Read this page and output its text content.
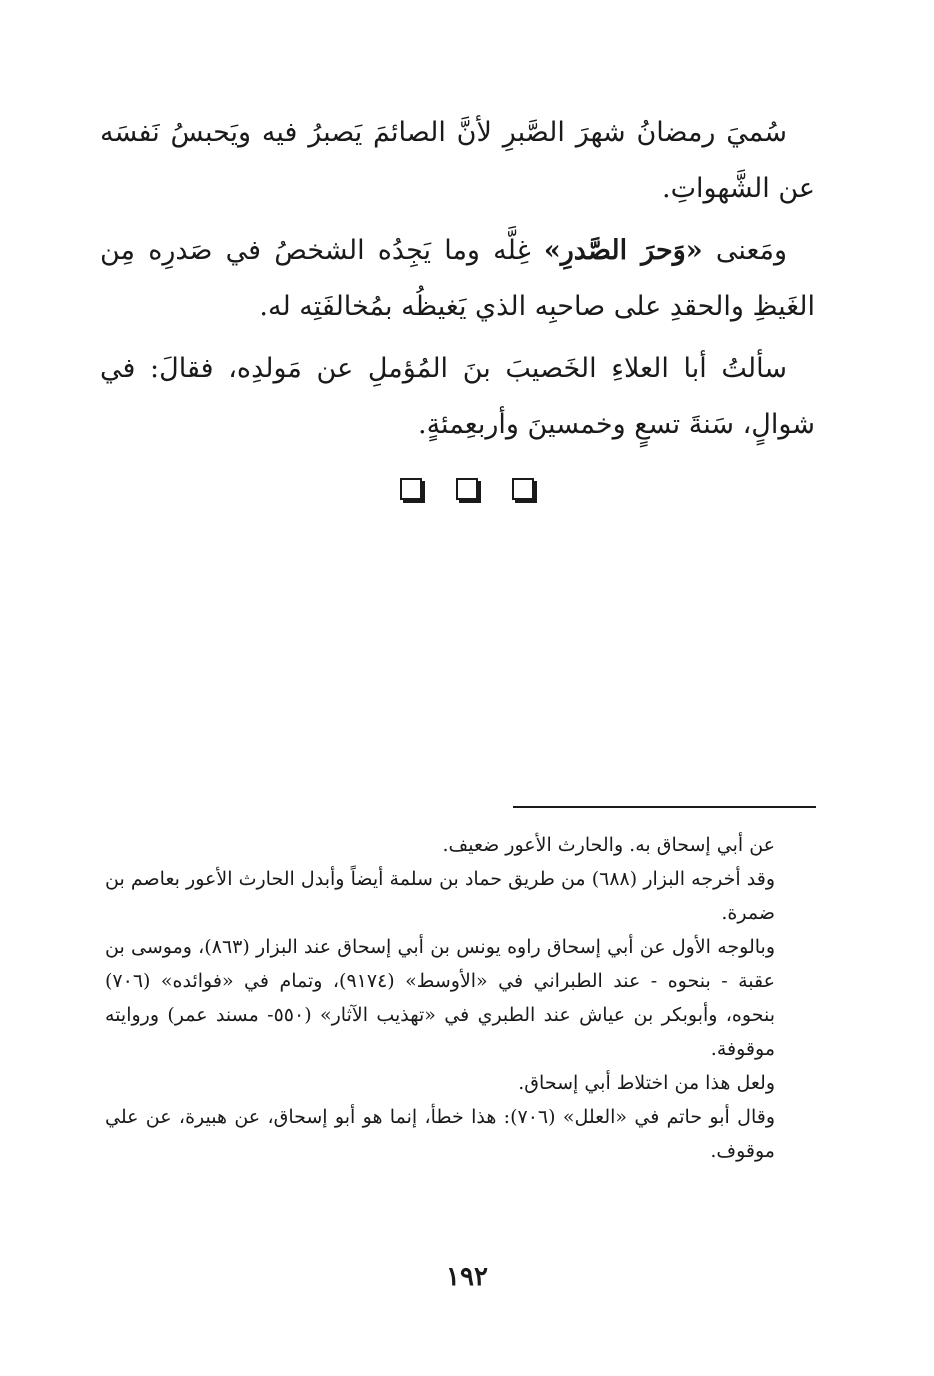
سُميَ رمضانُ شهرَ الصَّبرِ لأنَّ الصائمَ يَصبرُ فيه ويَحبسُ نَفسَه عن الشَّهواتِ.

ومَعنى «وَحرَ الصَّدرِ» غِلَّه وما يَجِدُه الشخصُ في صَدرِه مِن الغَيظِ والحقدِ على صاحبِه الذي يَغيظُه بمُخالفَتِه له.

سألتُ أبا العلاءِ الخَصيبَ بنَ المُؤملِ عن مَولدِه، فقالَ: في شوالٍ، سَنةَ تسعٍ وخمسينَ وأربعِمئةٍ.

عن أبي إسحاق به. والحارث الأعور ضعيف.

وقد أخرجه البزار (٦٨٨) من طريق حماد بن سلمة أيضاً وأبدل الحارث الأعور بعاصم بن ضمرة.

وبالوجه الأول عن أبي إسحاق راوه يونس بن أبي إسحاق عند البزار (٨٦٣)، وموسى بن عقبة - بنحوه - عند الطبراني في «الأوسط» (٩١٧٤)، وتمام في «فوائده» (٧٠٦) بنحوه، وأبوبكر بن عياش عند الطبري في «تهذيب الآثار» (٥٥٠- مسند عمر) وروايته موقوفة.

ولعل هذا من اختلاط أبي إسحاق.

وقال أبو حاتم في «العلل» (٧٠٦): هذا خطأ، إنما هو أبو إسحاق، عن هبيرة، عن علي موقوف.

١٩٢
